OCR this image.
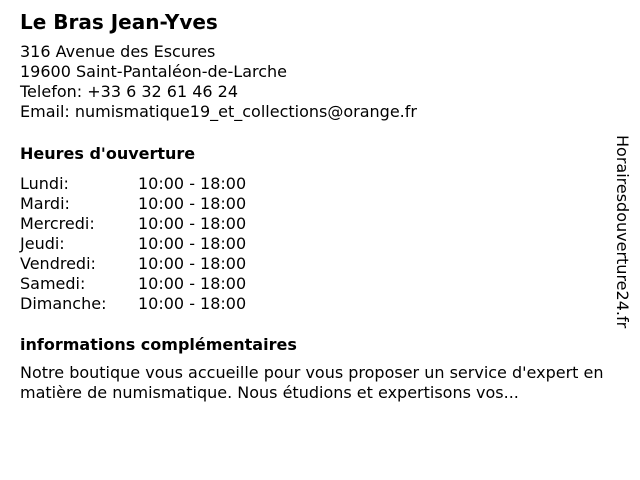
Le Bras Jean-Yves
316 Avenue des Escures
19600 Saint-Pantaléon-de-Larche
Telefon: +33 6 32 61 46 24
Email: numismatique19_et_collections@orange.fr
Heures d'ouverture
Lundi:	10:00 - 18:00
Mardi:	10:00 - 18:00
Mercredi:	10:00 - 18:00
Jeudi:	10:00 - 18:00
Vendredi:	10:00 - 18:00
Samedi:	10:00 - 18:00
Dimanche:	10:00 - 18:00
informations complémentaires
Notre boutique vous accueille pour vous proposer un service d'expert en matière de numismatique. Nous étudions et expertisons vos...
Horairesdouverture24.fr
